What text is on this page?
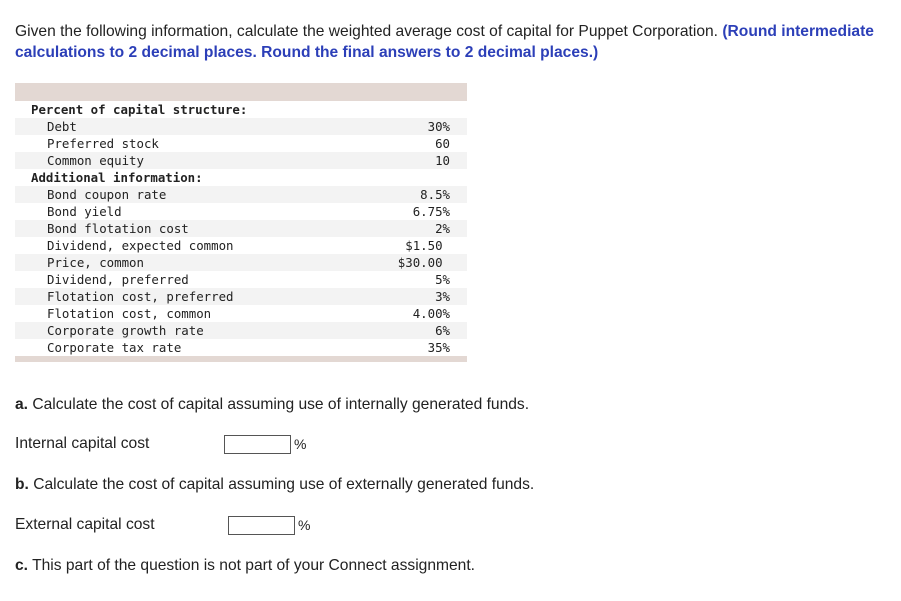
Given the following information, calculate the weighted average cost of capital for Puppet Corporation. (Round intermediate calculations to 2 decimal places. Round the final answers to 2 decimal places.)
Percent of capital structure:
Debt	30%
Preferred stock	60
Common equity	10
Additional information:
Bond coupon rate	8.5%
Bond yield	6.75%
Bond flotation cost	2%
Dividend, expected common	$1.50
Price, common	$30.00
Dividend, preferred	5%
Flotation cost, preferred	3%
Flotation cost, common	4.00%
Corporate growth rate	6%
Corporate tax rate	35%
a. Calculate the cost of capital assuming use of internally generated funds.
Internal capital cost	%
b. Calculate the cost of capital assuming use of externally generated funds.
External capital cost	%
c. This part of the question is not part of your Connect assignment.
